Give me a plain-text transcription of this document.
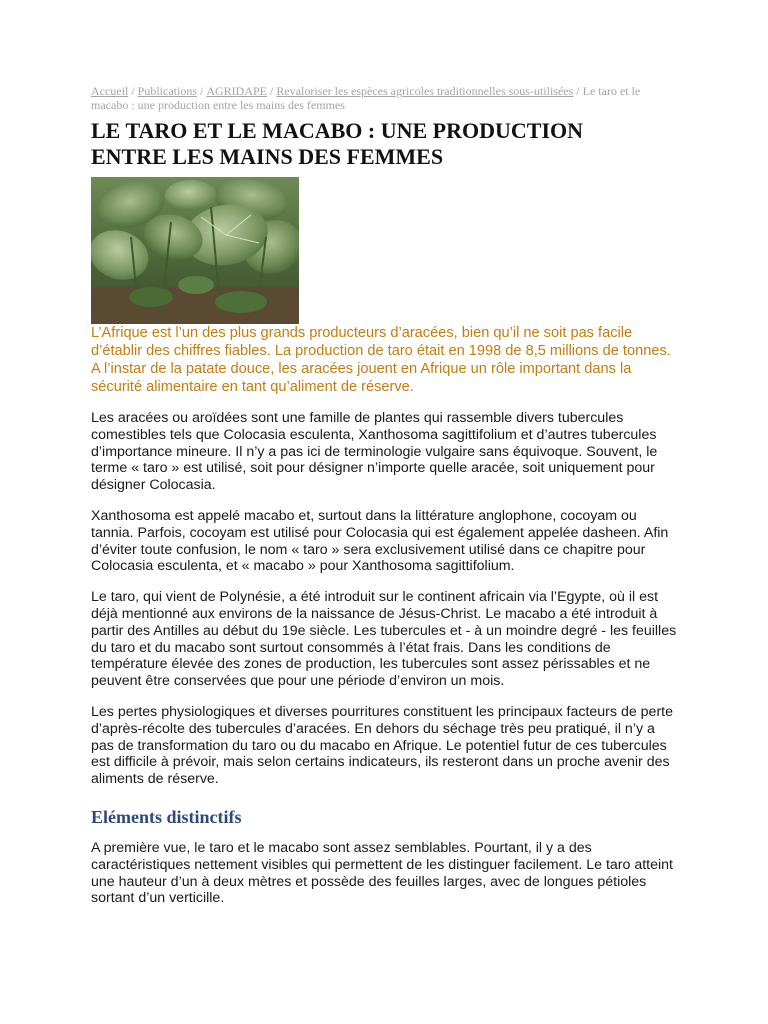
Accueil / Publications / AGRIDAPE / Revaloriser les espèces agricoles traditionnelles sous-utilisées / Le taro et le macabo : une production entre les mains des femmes
LE TARO ET LE MACABO : UNE PRODUCTION ENTRE LES MAINS DES FEMMES

L’Afrique est l’un des plus grands producteurs d’aracées, bien qu’il ne soit pas facile d’établir des chiffres fiables. La production de taro était en 1998 de 8,5 millions de tonnes. A l’instar de la patate douce, les aracées jouent en Afrique un rôle important dans la sécurité alimentaire en tant qu’aliment de réserve.

Les aracées ou aroïdées sont une famille de plantes qui rassemble divers tubercules comestibles tels que Colocasia esculenta, Xanthosoma sagittifolium et d’autres tubercules d’importance mineure. Il n’y a pas ici de terminologie vulgaire sans équivoque. Souvent, le terme « taro » est utilisé, soit pour désigner n’importe quelle aracée, soit uniquement pour désigner Colocasia.

Xanthosoma est appelé macabo et, surtout dans la littérature anglophone, cocoyam ou tannia. Parfois, cocoyam est utilisé pour Colocasia qui est également appelée dasheen. Afin d’éviter toute confusion, le nom « taro » sera exclusivement utilisé dans ce chapitre pour Colocasia esculenta, et « macabo » pour Xanthosoma sagittifolium.

Le taro, qui vient de Polynésie, a été introduit sur le continent africain via l’Egypte, où il est déjà mentionné aux environs de la naissance de Jésus-Christ. Le macabo a été introduit à partir des Antilles au début du 19e siècle. Les tubercules et - à un moindre degré - les feuilles du taro et du macabo sont surtout consommés à l’état frais. Dans les conditions de température élevée des zones de production, les tubercules sont assez périssables et ne peuvent être conservées que pour une période d’environ un mois.

Les pertes physiologiques et diverses pourritures constituent les principaux facteurs de perte d’après-récolte des tubercules d’aracées. En dehors du séchage très peu pratiqué, il n’y a pas de transformation du taro ou du macabo en Afrique. Le potentiel futur de ces tubercules est difficile à prévoir, mais selon certains indicateurs, ils resteront dans un proche avenir des aliments de réserve.

Eléments distinctifs

A première vue, le taro et le macabo sont assez semblables. Pourtant, il y a des caractéristiques nettement visibles qui permettent de les distinguer facilement. Le taro atteint une hauteur d’un à deux mètres et possède des feuilles larges, avec de longues pétioles sortant d’un verticille.
